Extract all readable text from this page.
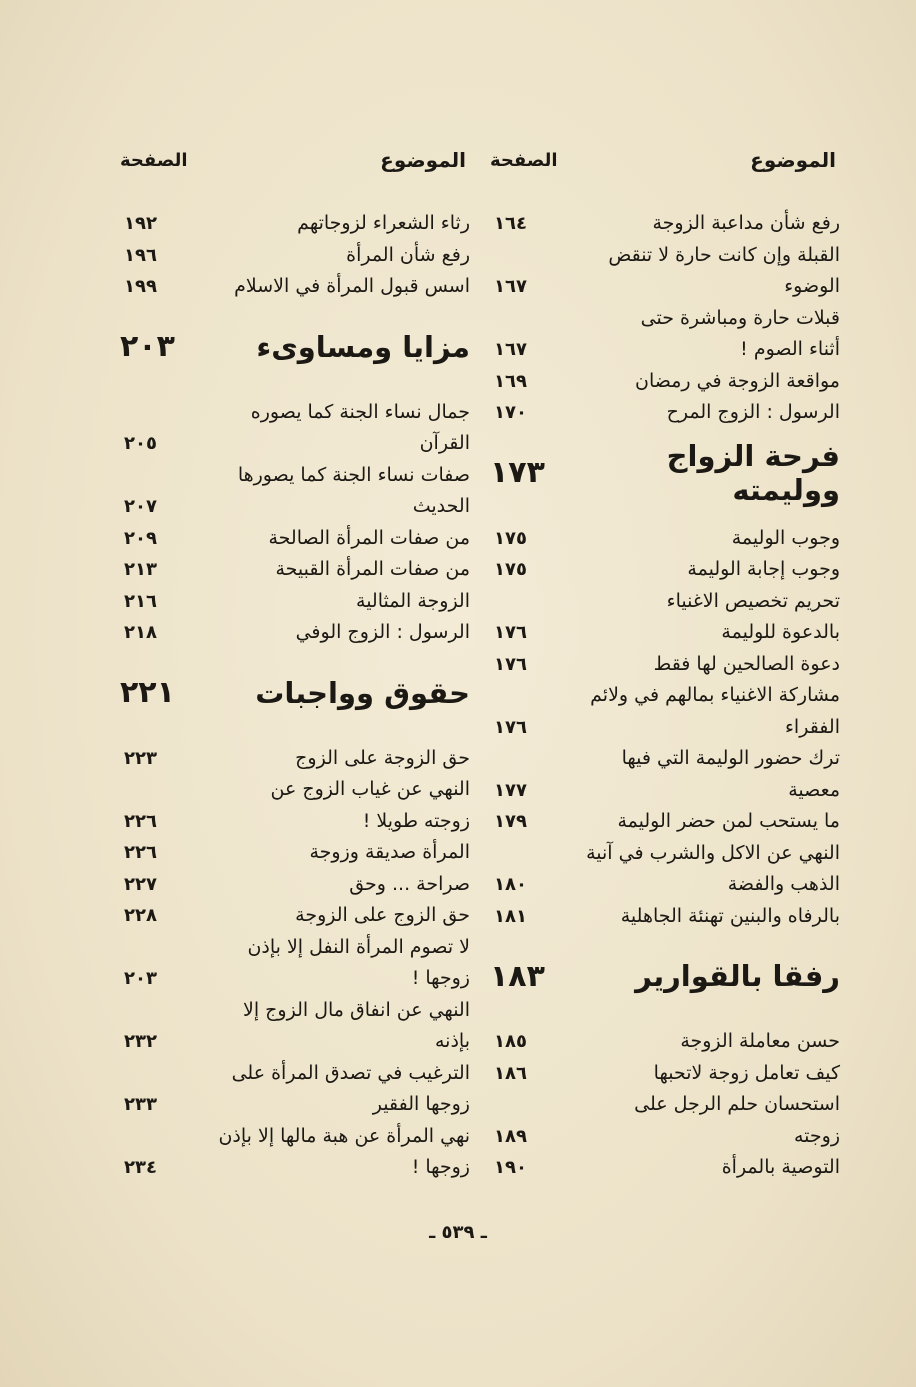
الموضوع
الصفحة
رفع شأن مداعبة الزوجة
١٦٤
القبلة وإن كانت حارة لا تنقض
الوضوء
١٦٧
قبلات حارة ومباشرة حتى
أثناء الصوم !
١٦٧
مواقعة الزوجة في رمضان
١٦٩
الرسول : الزوج المرح
١٧٠
فرحة الزواج ووليمته
١٧٣
وجوب الوليمة
١٧٥
وجوب إجابة الوليمة
١٧٥
تحريم تخصيص الاغنياء
بالدعوة للوليمة
١٧٦
دعوة الصالحين لها فقط
١٧٦
مشاركة الاغنياء بمالهم في ولائم
الفقراء
١٧٦
ترك حضور الوليمة التي فيها
معصية
١٧٧
ما يستحب لمن حضر الوليمة
١٧٩
النهي عن الاكل والشرب في آنية
الذهب والفضة
١٨٠
بالرفاه والبنين تهنئة الجاهلية
١٨١
رفقا بالقوارير
١٨٣
حسن معاملة الزوجة
١٨٥
كيف تعامل زوجة لاتحبها
١٨٦
استحسان حلم الرجل على
زوجته
١٨٩
التوصية بالمرأة
١٩٠
الموضوع
الصفحة
رثاء الشعراء لزوجاتهم
١٩٢
رفع شأن المرأة
١٩٦
اسس قبول المرأة في الاسلام
١٩٩
مزايا ومساوىء
٢٠٣
جمال نساء الجنة كما يصوره
القرآن
٢٠٥
صفات نساء الجنة كما يصورها
الحديث
٢٠٧
من صفات المرأة الصالحة
٢٠٩
من صفات المرأة القبيحة
٢١٣
الزوجة المثالية
٢١٦
الرسول : الزوج الوفي
٢١٨
حقوق وواجبات
٢٢١
حق الزوجة على الزوج
٢٢٣
النهي عن غياب الزوج عن
زوجته طويلا !
٢٢٦
المرأة صديقة وزوجة
٢٢٦
صراحة ... وحق
٢٢٧
حق الزوج على الزوجة
٢٢٨
لا تصوم المرأة النفل إلا بإذن
زوجها !
٢٠٣
النهي عن انفاق مال الزوج إلا
بإذنه
٢٣٢
الترغيب في تصدق المرأة على
زوجها الفقير
٢٣٣
نهي المرأة عن هبة مالها إلا بإذن
زوجها !
٢٣٤
ـ ٥٣٩ ـ
